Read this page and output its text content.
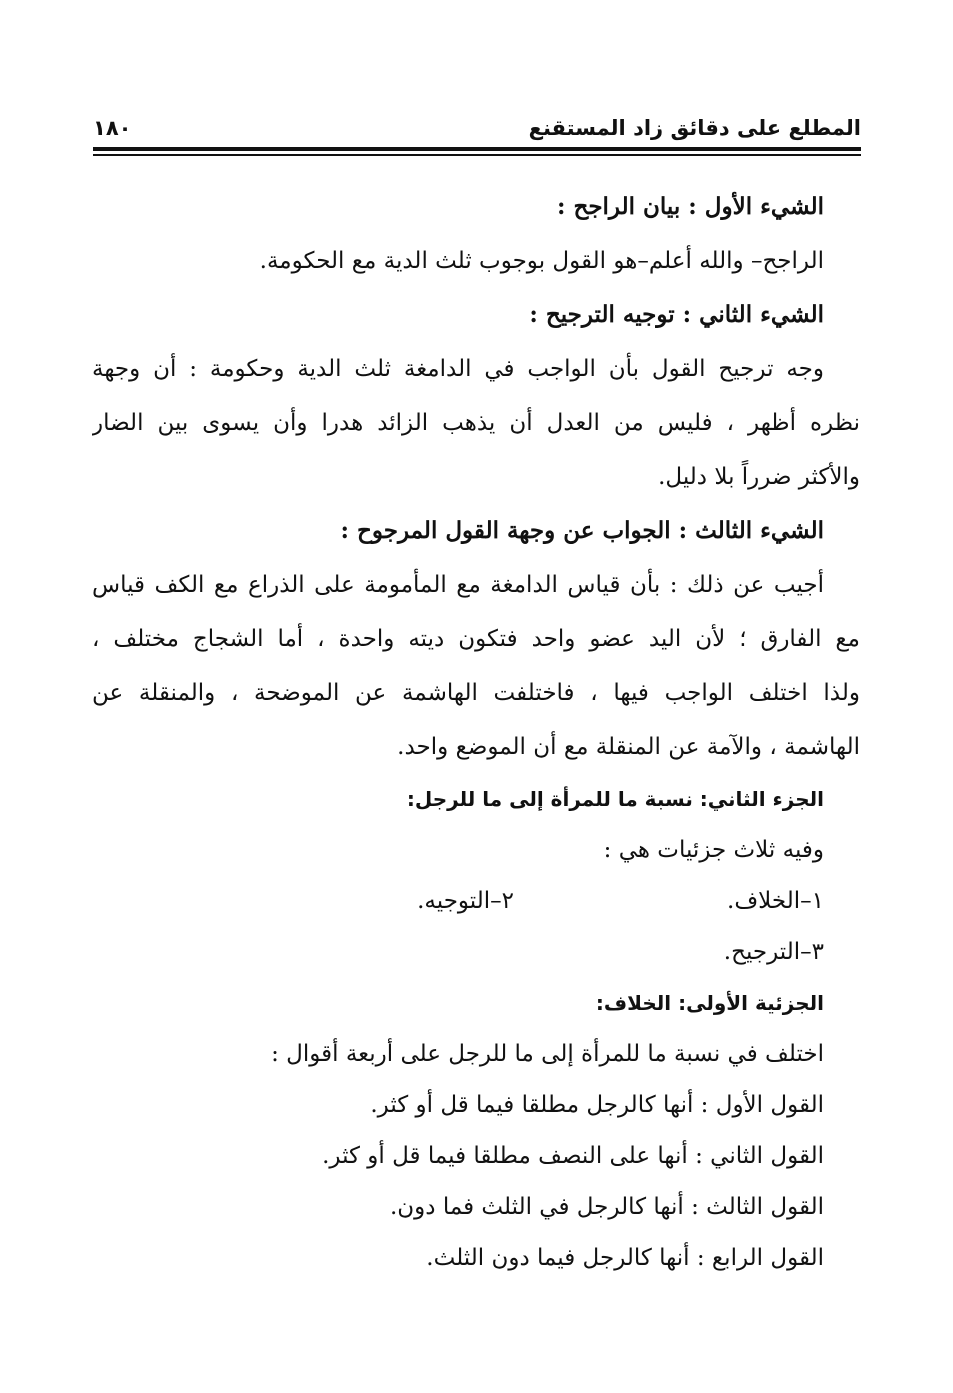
المطلع على دقائق زاد المستقنع
١٨٠
الشيء الأول : بيان الراجح :
الراجح– والله أعلم–هو القول بوجوب ثلث الدية مع الحكومة.
الشيء الثاني : توجيه الترجيح :
وجه ترجيح القول بأن الواجب في الدامغة ثلث الدية وحكومة : أن وجهة
نظره أظهر ، فليس من العدل أن يذهب الزائد هدرا وأن يسوى بين الضار
والأكثر ضرراً بلا دليل.
الشيء الثالث : الجواب عن وجهة القول المرجوح :
أجيب عن ذلك : بأن قياس الدامغة مع المأمومة على الذراع مع الكف قياس
مع الفارق ؛ لأن اليد عضو واحد فتكون ديته واحدة ، أما الشجاج مختلف ،
ولذا اختلف الواجب فيها ، فاختلفت الهاشمة عن الموضحة ، والمنقلة عن
الهاشمة ، والآمة عن المنقلة مع أن الموضع واحد.
الجزء الثاني: نسبة ما للمرأة إلى ما للرجل:
وفيه ثلاث جزئيات هي :
١–الخلاف.
٢–التوجيه.
٣–الترجيح.
الجزئية الأولى: الخلاف:
اختلف في نسبة ما للمرأة إلى ما للرجل على أربعة أقوال :
القول الأول : أنها كالرجل مطلقا فيما قل أو كثر.
القول الثاني : أنها على النصف مطلقا فيما قل أو كثر.
القول الثالث : أنها كالرجل في الثلث فما دون.
القول الرابع : أنها كالرجل فيما دون الثلث.
